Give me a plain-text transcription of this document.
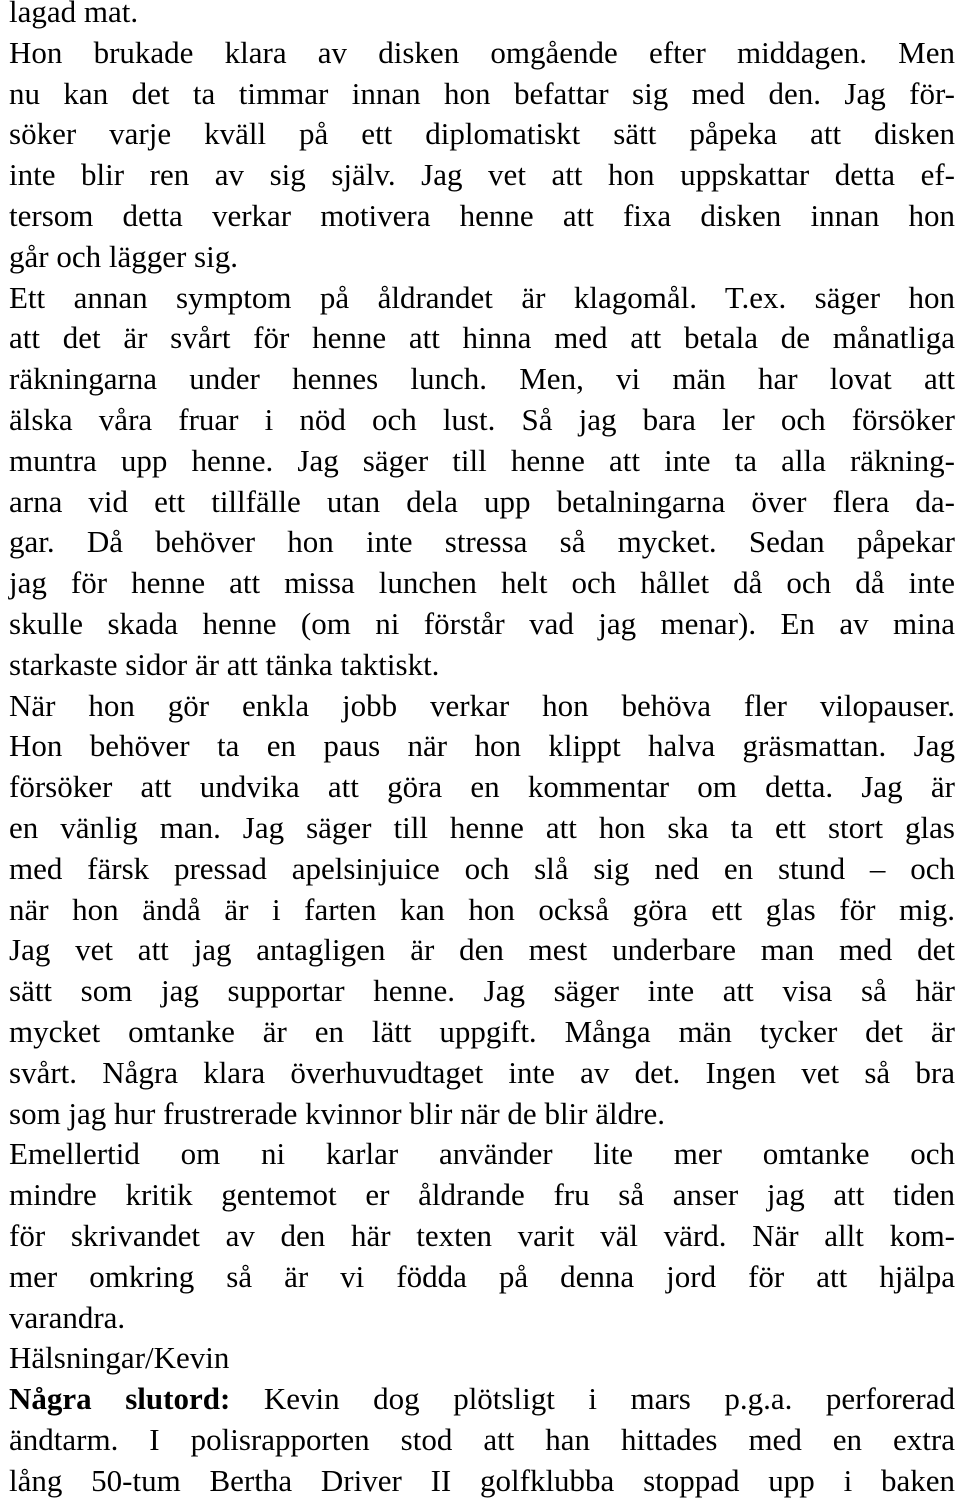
lagad mat.
Hon brukade klara av disken omgående efter middagen. Men
nu kan det ta timmar innan hon befattar sig med den. Jag för-
söker varje kväll på ett diplomatiskt sätt påpeka att disken
inte blir ren av sig själv. Jag vet att hon uppskattar detta ef-
tersom detta verkar motivera henne att fixa disken innan hon
går och lägger sig.
Ett annan symptom på åldrandet är klagomål. T.ex. säger hon
att det är svårt för henne att hinna med att betala de månatliga
räkningarna under hennes lunch. Men, vi män har lovat att
älska våra fruar i nöd och lust. Så jag bara ler och försöker
muntra upp henne. Jag säger till henne att inte ta alla räkning-
arna vid ett tillfälle utan dela upp betalningarna över flera da-
gar. Då behöver hon inte stressa så mycket. Sedan påpekar
jag för henne att missa lunchen helt och hållet då och då inte
skulle skada henne (om ni förstår vad jag menar). En av mina
starkaste sidor är att tänka taktiskt.
När hon gör enkla jobb verkar hon behöva fler vilopauser.
Hon behöver ta en paus när hon klippt halva gräsmattan. Jag
försöker att undvika att göra en kommentar om detta. Jag är
en vänlig man. Jag säger till henne att hon ska ta ett stort glas
med färsk pressad apelsinjuice och slå sig ned en stund – och
när hon ändå är i farten kan hon också göra ett glas för mig.
Jag vet att jag antagligen är den mest underbare man med det
sätt som jag supportar henne. Jag säger inte att visa så här
mycket omtanke är en lätt uppgift. Många män tycker det är
svårt. Några klara överhuvudtaget inte av det. Ingen vet så bra
som jag hur frustrerade kvinnor blir när de blir äldre.
Emellertid om ni karlar använder lite mer omtanke och
mindre kritik gentemot er åldrande fru så anser jag att tiden
för skrivandet av den här texten varit väl värd. När allt kom-
mer omkring så är vi födda på denna jord för att hjälpa
varandra.
Hälsningar/Kevin
Några slutord: Kevin dog plötsligt i mars p.g.a. perforerad
ändtarm. I polisrapporten stod att han hittades med en extra
lång 50-tum Bertha Driver II golfklubba stoppad upp i baken
